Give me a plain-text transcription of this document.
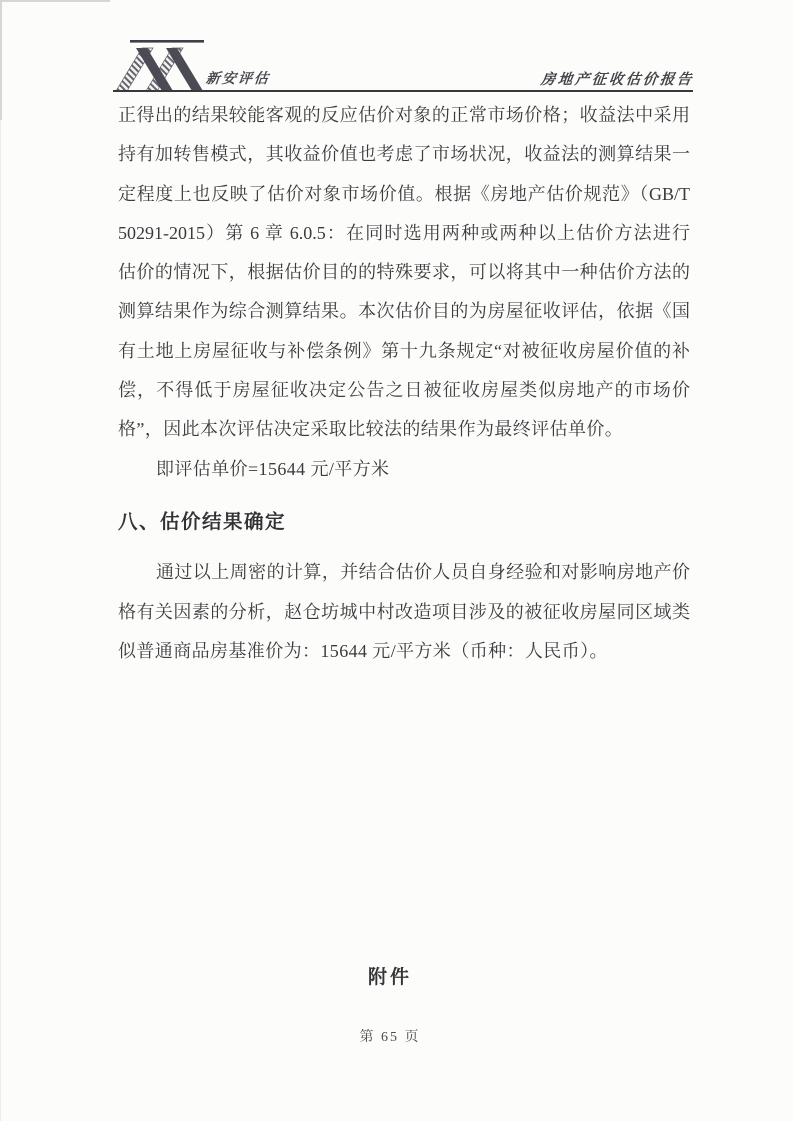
新安评估	房地产征收估价报告
正得出的结果较能客观的反应估价对象的正常市场价格；收益法中采用
持有加转售模式，其收益价值也考虑了市场状况，收益法的测算结果一
定程度上也反映了估价对象市场价值。根据《房地产估价规范》（GB/T
50291-2015）第 6 章 6.0.5：在同时选用两种或两种以上估价方法进行
估价的情况下，根据估价目的的特殊要求，可以将其中一种估价方法的
测算结果作为综合测算结果。本次估价目的为房屋征收评估，依据《国
有土地上房屋征收与补偿条例》第十九条规定“对被征收房屋价值的补
偿，不得低于房屋征收决定公告之日被征收房屋类似房地产的市场价
格”，因此本次评估决定采取比较法的结果作为最终评估单价。
即评估单价=15644 元/平方米
八、估价结果确定
通过以上周密的计算，并结合估价人员自身经验和对影响房地产价
格有关因素的分析，赵仓坊城中村改造项目涉及的被征收房屋同区域类
似普通商品房基准价为：15644 元/平方米（币种：人民币）。
附件
第 65 页
